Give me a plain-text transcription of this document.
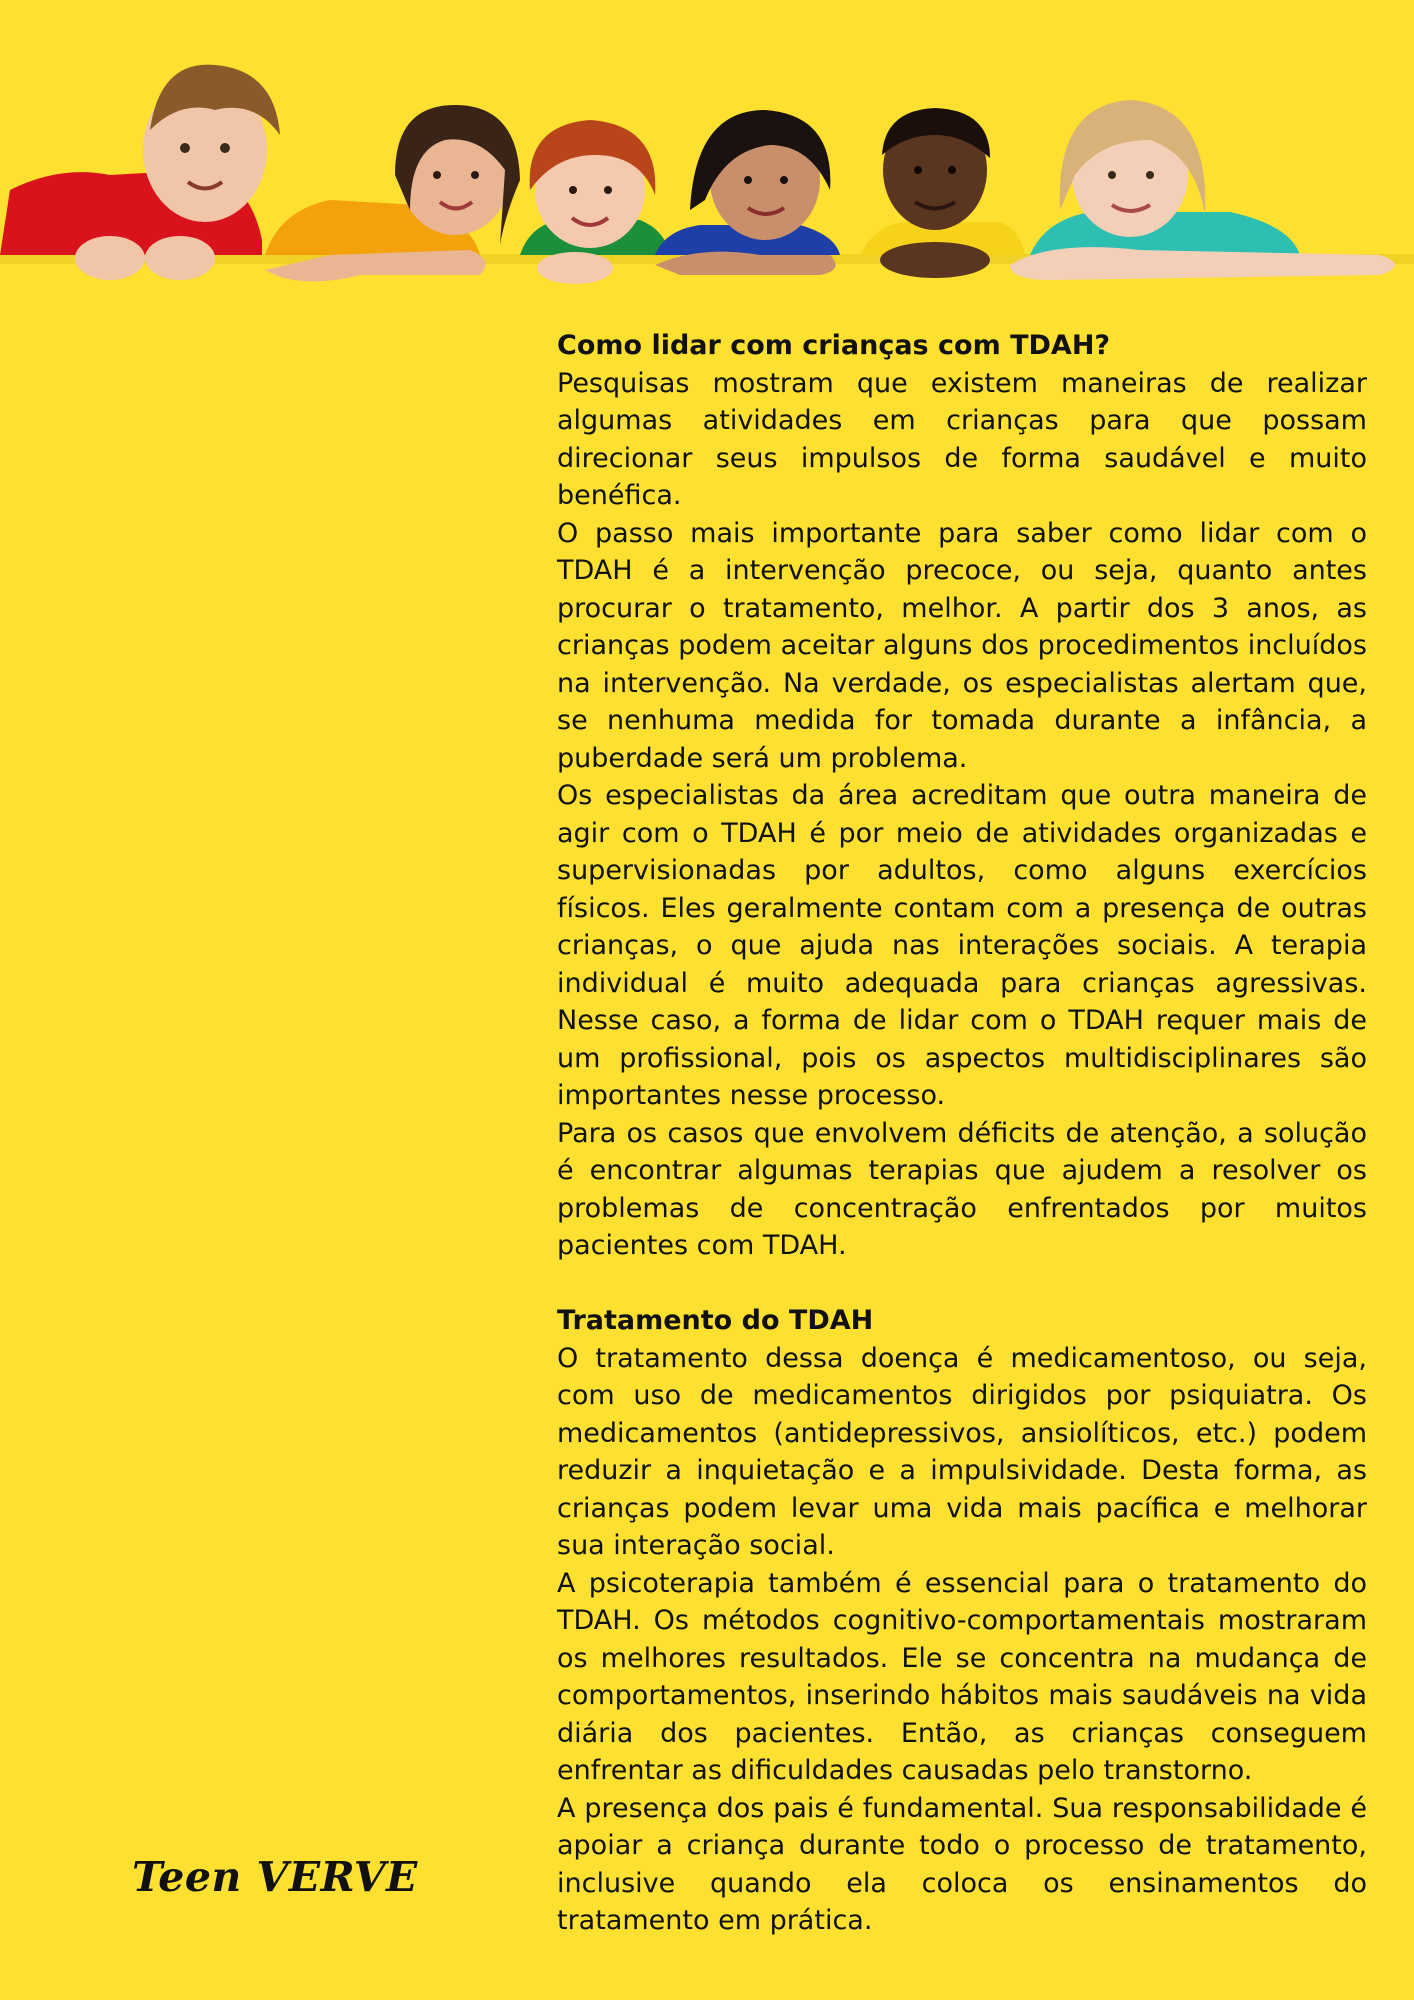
Como lidar com crianças com TDAH?

Pesquisas mostram que existem maneiras de realizar algumas atividades em crianças para que possam direcionar seus impulsos de forma saudável e muito benéfica.

O passo mais importante para saber como lidar com o TDAH é a intervenção precoce, ou seja, quanto antes procurar o tratamento, melhor. A partir dos 3 anos, as crianças podem aceitar alguns dos procedimentos incluídos na intervenção. Na verdade, os especialistas alertam que, se nenhuma medida for tomada durante a infância, a puberdade será um problema.

Os especialistas da área acreditam que outra maneira de agir com o TDAH é por meio de atividades organizadas e supervisionadas por adultos, como alguns exercícios físicos. Eles geralmente contam com a presença de outras crianças, o que ajuda nas interações sociais. A terapia individual é muito adequada para crianças agressivas. Nesse caso, a forma de lidar com o TDAH requer mais de um profissional, pois os aspectos multidisciplinares são importantes nesse processo.

Para os casos que envolvem déficits de atenção, a solução é encontrar algumas terapias que ajudem a resolver os problemas de concentração enfrentados por muitos pacientes com TDAH.

Tratamento do TDAH

O tratamento dessa doença é medicamentoso, ou seja, com uso de medicamentos dirigidos por psiquiatra. Os medicamentos (antidepressivos, ansiolíticos, etc.) podem reduzir a inquietação e a impulsividade. Desta forma, as crianças podem levar uma vida mais pacífica e melhorar sua interação social.

A psicoterapia também é essencial para o tratamento do TDAH. Os métodos cognitivo-comportamentais mostraram os melhores resultados. Ele se concentra na mudança de comportamentos, inserindo hábitos mais saudáveis na vida diária dos pacientes. Então, as crianças conseguem enfrentar as dificuldades causadas pelo transtorno.

A presença dos pais é fundamental. Sua responsabilidade é apoiar a criança durante todo o processo de tratamento, inclusive quando ela coloca os ensinamentos do tratamento em prática.

Teen VERVE
